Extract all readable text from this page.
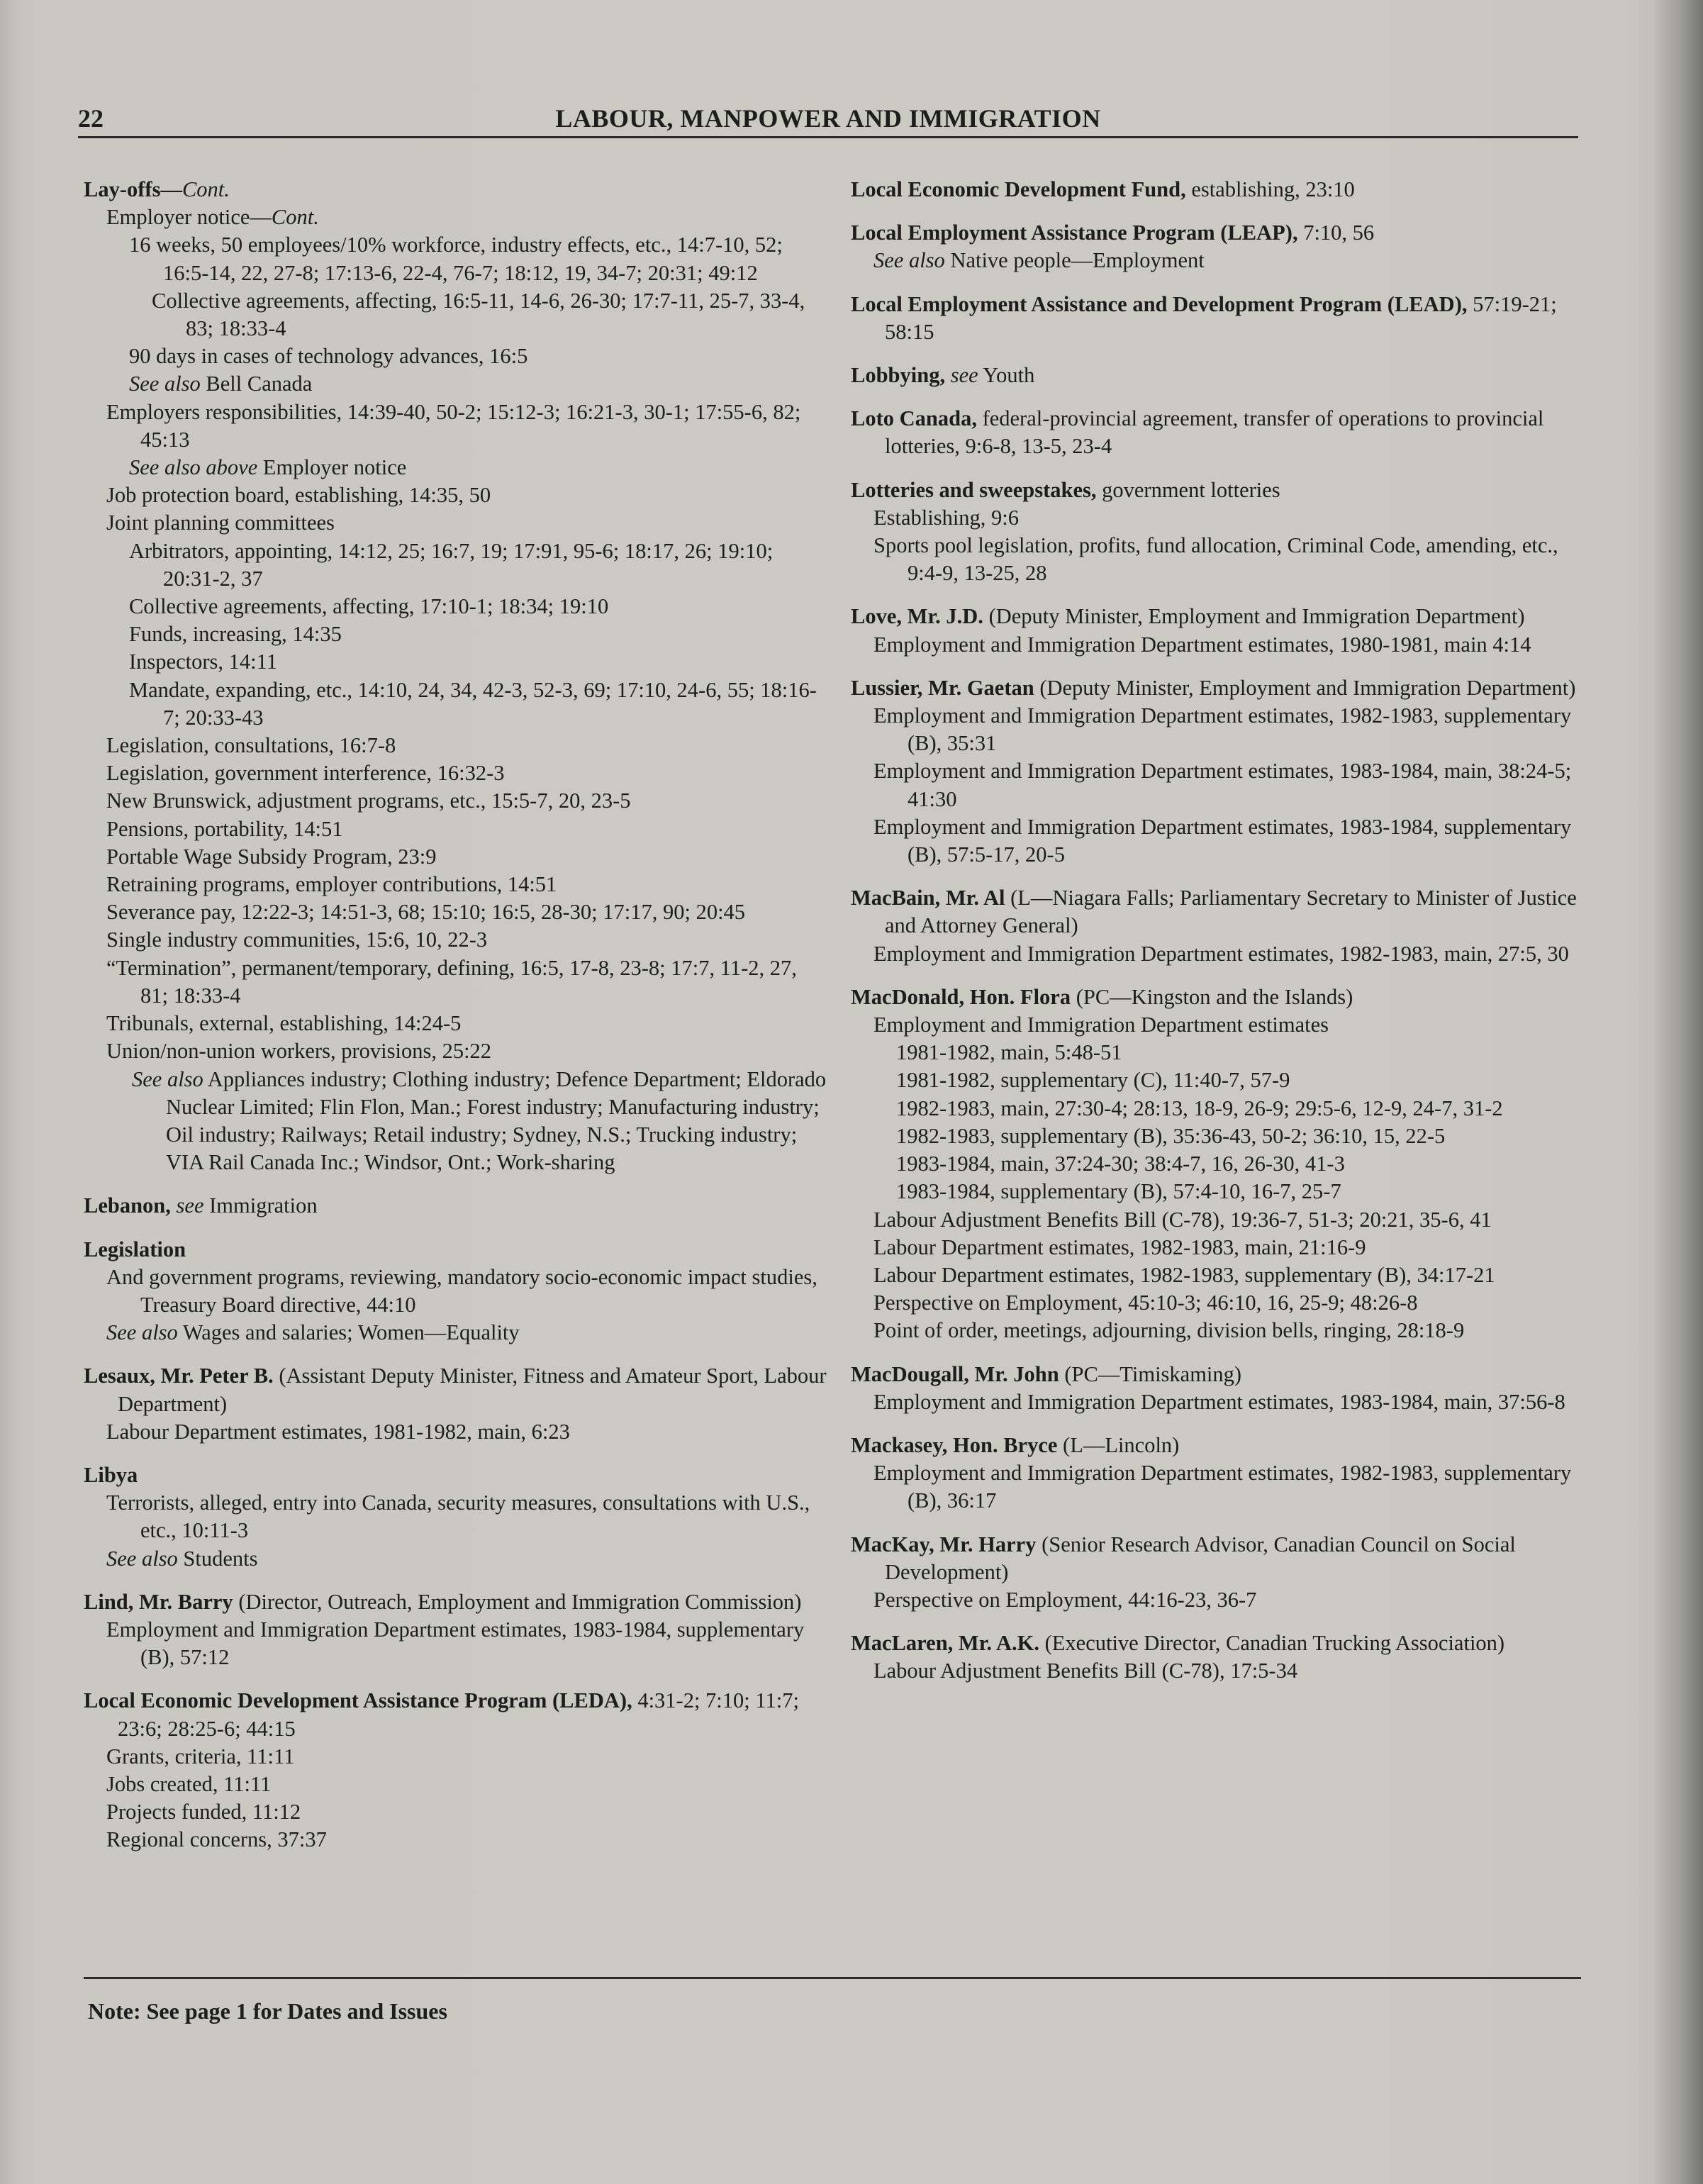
22	LABOUR, MANPOWER AND IMMIGRATION

Lay-offs—Cont.

Employer notice—Cont.

16 weeks, 50 employees/10% workforce, industry effects, etc., 14:7-10, 52; 16:5-14, 22, 27-8; 17:13-6, 22-4, 76-7; 18:12, 19, 34-7; 20:31; 49:12

Collective agreements, affecting, 16:5-11, 14-6, 26-30; 17:7-11, 25-7, 33-4, 83; 18:33-4

90 days in cases of technology advances, 16:5

See also Bell Canada

Employers responsibilities, 14:39-40, 50-2; 15:12-3; 16:21-3, 30-1; 17:55-6, 82; 45:13

See also above Employer notice

Job protection board, establishing, 14:35, 50

Joint planning committees

Arbitrators, appointing, 14:12, 25; 16:7, 19; 17:91, 95-6; 18:17, 26; 19:10; 20:31-2, 37

Collective agreements, affecting, 17:10-1; 18:34; 19:10

Funds, increasing, 14:35

Inspectors, 14:11

Mandate, expanding, etc., 14:10, 24, 34, 42-3, 52-3, 69; 17:10, 24-6, 55; 18:16-7; 20:33-43

Legislation, consultations, 16:7-8

Legislation, government interference, 16:32-3

New Brunswick, adjustment programs, etc., 15:5-7, 20, 23-5

Pensions, portability, 14:51

Portable Wage Subsidy Program, 23:9

Retraining programs, employer contributions, 14:51

Severance pay, 12:22-3; 14:51-3, 68; 15:10; 16:5, 28-30; 17:17, 90; 20:45

Single industry communities, 15:6, 10, 22-3

“Termination”, permanent/temporary, defining, 16:5, 17-8, 23-8; 17:7, 11-2, 27, 81; 18:33-4

Tribunals, external, establishing, 14:24-5

Union/non-union workers, provisions, 25:22

See also Appliances industry; Clothing industry; Defence Department; Eldorado Nuclear Limited; Flin Flon, Man.; Forest industry; Manufacturing industry; Oil industry; Railways; Retail industry; Sydney, N.S.; Trucking industry; VIA Rail Canada Inc.; Windsor, Ont.; Work-sharing

Lebanon, see Immigration

Legislation

And government programs, reviewing, mandatory socio-economic impact studies, Treasury Board directive, 44:10

See also Wages and salaries; Women—Equality

Lesaux, Mr. Peter B. (Assistant Deputy Minister, Fitness and Amateur Sport, Labour Department)

Labour Department estimates, 1981-1982, main, 6:23

Libya

Terrorists, alleged, entry into Canada, security measures, consultations with U.S., etc., 10:11-3

See also Students

Lind, Mr. Barry (Director, Outreach, Employment and Immigration Commission)

Employment and Immigration Department estimates, 1983-1984, supplementary (B), 57:12

Local Economic Development Assistance Program (LEDA), 4:31-2; 7:10; 11:7; 23:6; 28:25-6; 44:15

Grants, criteria, 11:11

Jobs created, 11:11

Projects funded, 11:12

Regional concerns, 37:37

Local Economic Development Fund, establishing, 23:10

Local Employment Assistance Program (LEAP), 7:10, 56

See also Native people—Employment

Local Employment Assistance and Development Program (LEAD), 57:19-21; 58:15

Lobbying, see Youth

Loto Canada, federal-provincial agreement, transfer of operations to provincial lotteries, 9:6-8, 13-5, 23-4

Lotteries and sweepstakes, government lotteries

Establishing, 9:6

Sports pool legislation, profits, fund allocation, Criminal Code, amending, etc., 9:4-9, 13-25, 28

Love, Mr. J.D. (Deputy Minister, Employment and Immigration Department)

Employment and Immigration Department estimates, 1980-1981, main 4:14

Lussier, Mr. Gaetan (Deputy Minister, Employment and Immigration Department)

Employment and Immigration Department estimates, 1982-1983, supplementary (B), 35:31

Employment and Immigration Department estimates, 1983-1984, main, 38:24-5; 41:30

Employment and Immigration Department estimates, 1983-1984, supplementary (B), 57:5-17, 20-5

MacBain, Mr. Al (L—Niagara Falls; Parliamentary Secretary to Minister of Justice and Attorney General)

Employment and Immigration Department estimates, 1982-1983, main, 27:5, 30

MacDonald, Hon. Flora (PC—Kingston and the Islands)

Employment and Immigration Department estimates

1981-1982, main, 5:48-51

1981-1982, supplementary (C), 11:40-7, 57-9

1982-1983, main, 27:30-4; 28:13, 18-9, 26-9; 29:5-6, 12-9, 24-7, 31-2

1982-1983, supplementary (B), 35:36-43, 50-2; 36:10, 15, 22-5

1983-1984, main, 37:24-30; 38:4-7, 16, 26-30, 41-3

1983-1984, supplementary (B), 57:4-10, 16-7, 25-7

Labour Adjustment Benefits Bill (C-78), 19:36-7, 51-3; 20:21, 35-6, 41

Labour Department estimates, 1982-1983, main, 21:16-9

Labour Department estimates, 1982-1983, supplementary (B), 34:17-21

Perspective on Employment, 45:10-3; 46:10, 16, 25-9; 48:26-8

Point of order, meetings, adjourning, division bells, ringing, 28:18-9

MacDougall, Mr. John (PC—Timiskaming)

Employment and Immigration Department estimates, 1983-1984, main, 37:56-8

Mackasey, Hon. Bryce (L—Lincoln)

Employment and Immigration Department estimates, 1982-1983, supplementary (B), 36:17

MacKay, Mr. Harry (Senior Research Advisor, Canadian Council on Social Development)

Perspective on Employment, 44:16-23, 36-7

MacLaren, Mr. A.K. (Executive Director, Canadian Trucking Association)

Labour Adjustment Benefits Bill (C-78), 17:5-34

Note: See page 1 for Dates and Issues
